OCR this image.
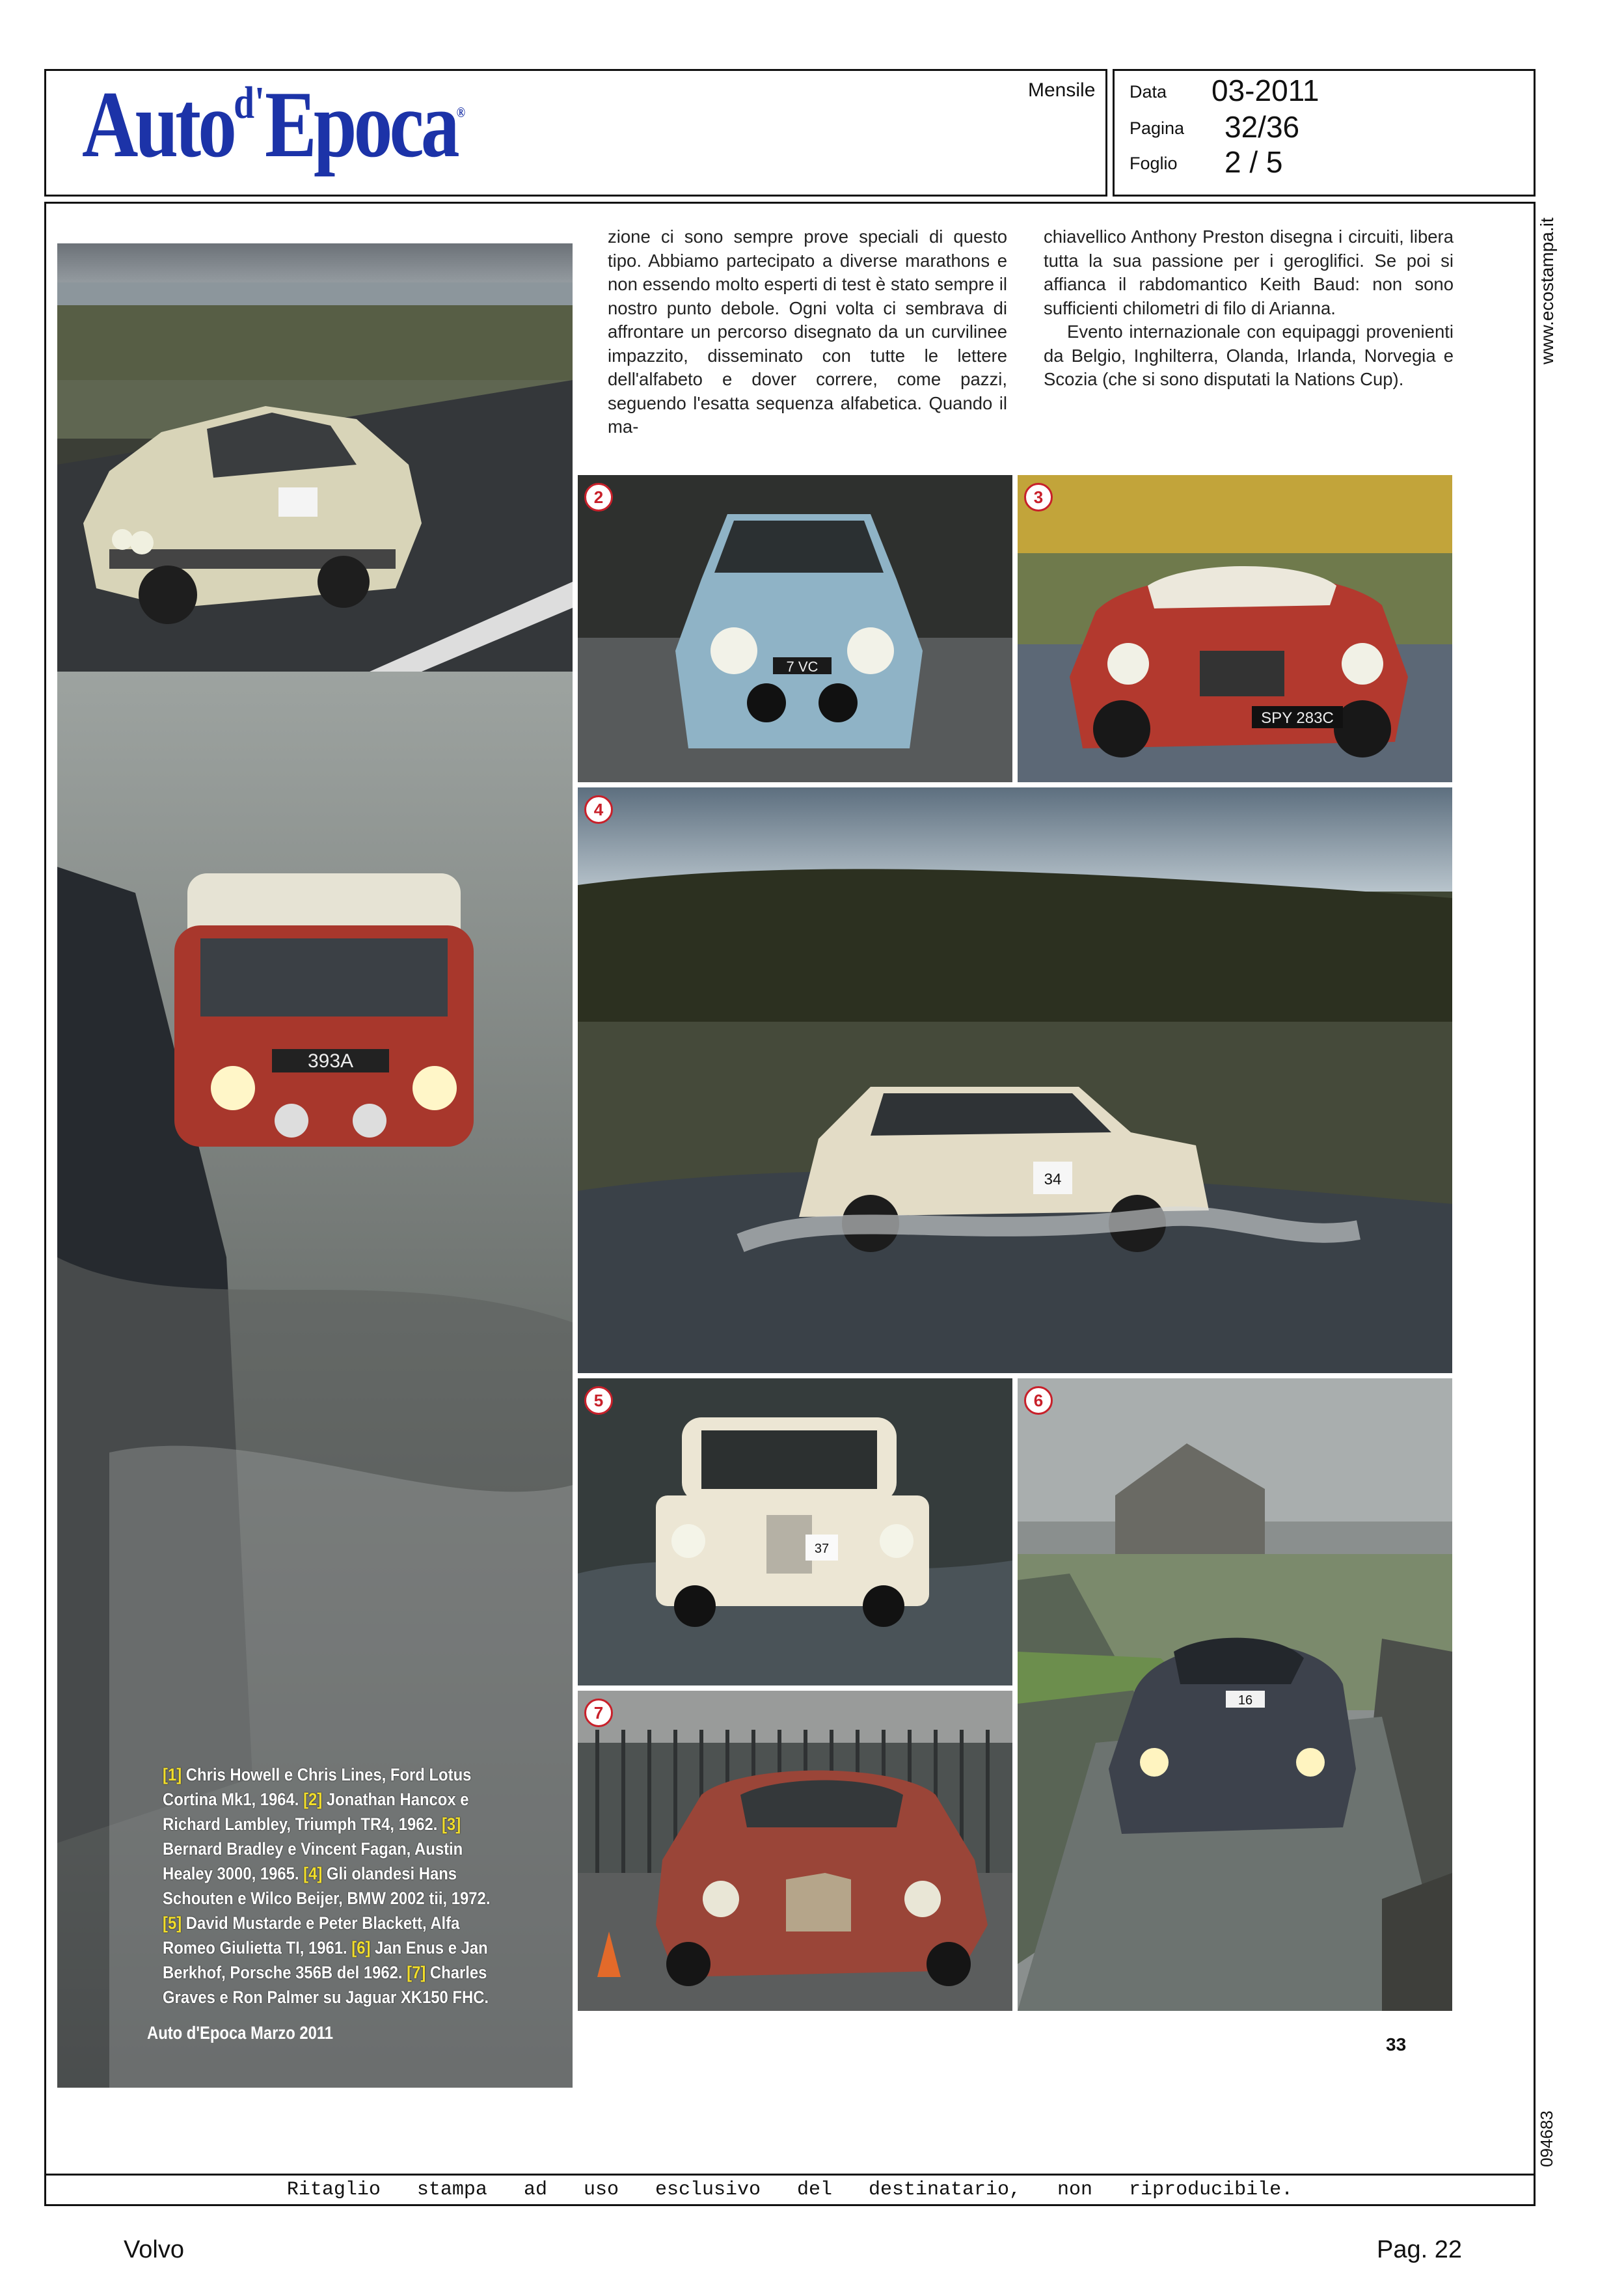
Auto$^{d'}$Epoca®
Mensile Data 03-2011
Pagina 32/36
Foglio 2 / 5
Ritaglio stampa ad uso esclusivo del destinatario, non riproducibile.
www.ecostampa.it
094683
393A
7 VC
2
SPY 283C
3
34
4
37
5
16
6
7

zione ci sono sempre prove speciali di questo tipo. Abbiamo partecipato a diverse marathons e non essendo molto esperti di test è stato sempre il nostro punto debole. Ogni volta ci sembrava di affrontare un percorso disegnato da un curvilinee impazzito, disseminato con tutte le lettere dell'alfabeto e dover correre, come pazzi, seguendo l'esatta sequenza alfabetica. Quando il ma-

chiavellico Anthony Preston disegna i circuiti, libera tutta la sua passione per i geroglifici. Se poi si affianca il rabdomantico Keith Baud: non sono sufficienti chilometri di filo di Arianna.

Evento internazionale con equipaggi provenienti da Belgio, Inghilterra, Olanda, Irlanda, Norvegia e Scozia (che si sono disputati la Nations Cup).

[1] Chris Howell e Chris Lines, Ford Lotus Cortina Mk1, 1964. [2] Jonathan Hancox e Richard Lambley, Triumph TR4, 1962. [3] Bernard Bradley e Vincent Fagan, Austin Healey 3000, 1965. [4] Gli olandesi Hans Schouten e Wilco Beijer, BMW 2002 tii, 1972. [5] David Mustarde e Peter Blackett, Alfa Romeo Giulietta TI, 1961. [6] Jan Enus e Jan Berkhof, Porsche 356B del 1962. [7] Charles Graves e Ron Palmer su Jaguar XK150 FHC.
Auto d'Epoca Marzo 2011
33
Volvo	Pag. 22
